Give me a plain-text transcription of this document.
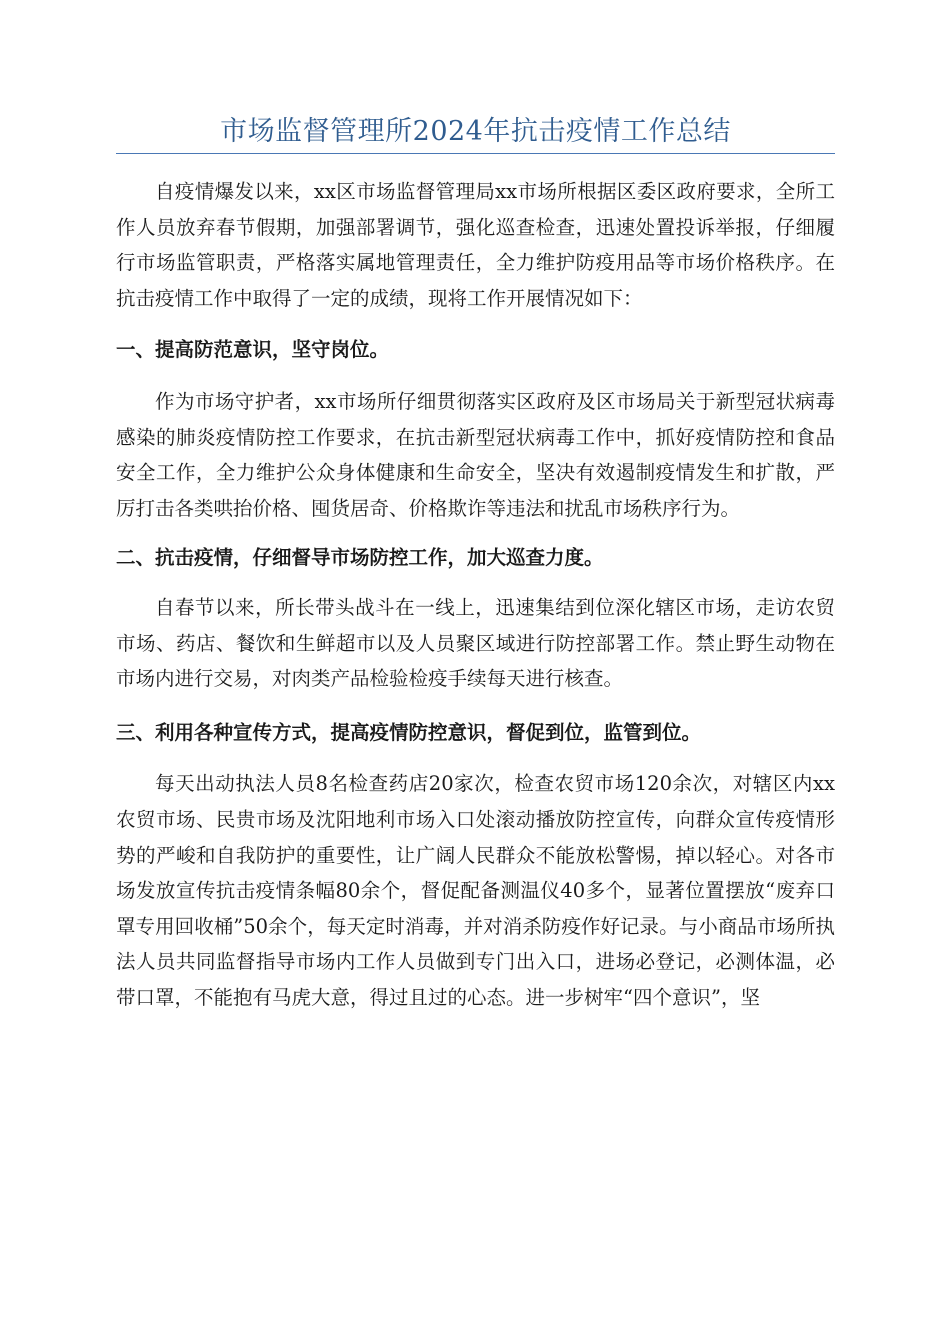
市场监督管理所2024年抗击疫情工作总结

自疫情爆发以来，xx区市场监督管理局xx市场所根据区委区政府要求，全所工作人员放弃春节假期，加强部署调节，强化巡查检查，迅速处置投诉举报，仔细履行市场监管职责，严格落实属地管理责任，全力维护防疫用品等市场价格秩序。在抗击疫情工作中取得了一定的成绩，现将工作开展情况如下：

一、提高防范意识，坚守岗位。

作为市场守护者，xx市场所仔细贯彻落实区政府及区市场局关于新型冠状病毒感染的肺炎疫情防控工作要求，在抗击新型冠状病毒工作中，抓好疫情防控和食品安全工作，全力维护公众身体健康和生命安全，坚决有效遏制疫情发生和扩散，严厉打击各类哄抬价格、囤货居奇、价格欺诈等违法和扰乱市场秩序行为。

二、抗击疫情，仔细督导市场防控工作，加大巡查力度。

自春节以来，所长带头战斗在一线上，迅速集结到位深化辖区市场，走访农贸市场、药店、餐饮和生鲜超市以及人员聚区域进行防控部署工作。禁止野生动物在市场内进行交易，对肉类产品检验检疫手续每天进行核查。

三、利用各种宣传方式，提高疫情防控意识，督促到位，监管到位。

每天出动执法人员8名检查药店20家次，检查农贸市场120余次，对辖区内xx农贸市场、民贵市场及沈阳地利市场入口处滚动播放防控宣传，向群众宣传疫情形势的严峻和自我防护的重要性，让广阔人民群众不能放松警惕，掉以轻心。对各市场发放宣传抗击疫情条幅80余个，督促配备测温仪40多个，显著位置摆放“废弃口罩专用回收桶”50余个，每天定时消毒，并对消杀防疫作好记录。与小商品市场所执法人员共同监督指导市场内工作人员做到专门出入口，进场必登记，必测体温，必带口罩，不能抱有马虎大意，得过且过的心态。进一步树牢“四个意识”，坚
